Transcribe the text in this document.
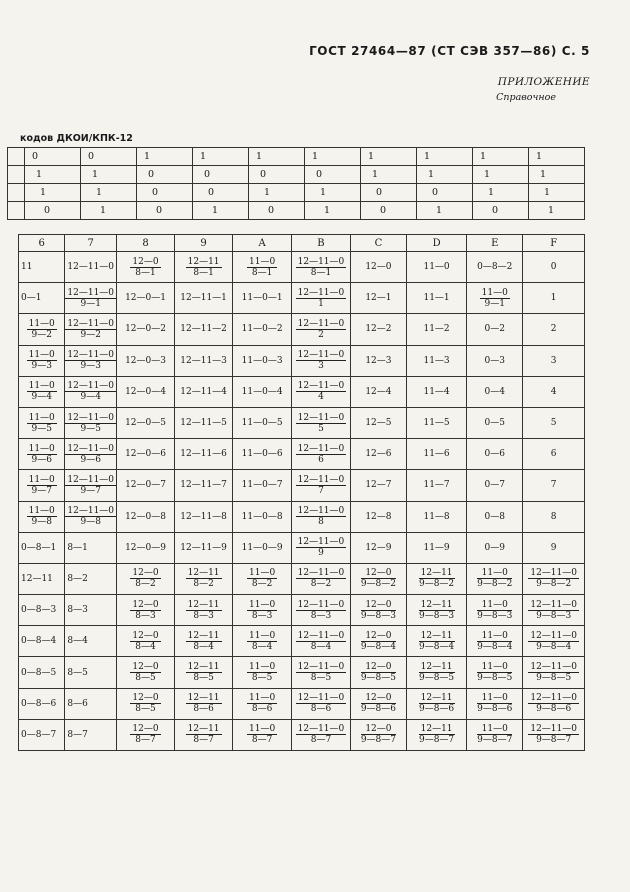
ГОСТ 27464—87 (СТ СЭВ 357—86) С. 5
ПРИЛОЖЕНИЕ
Справочное
кодов ДКОИ/КПК-12
	0	0	1	1	1	1	1	1	1	1
	1	1	0	0	0	0	1	1	1	1
	1	1	0	0	1	1	0	0	1	1
	0	1	0	1	0	1	0	1	0	1
6	7	8	9	A	B	C	D	E	F
11	12—11—0	$\frac{12—0}{8—1}$	$\frac{12—11}{8—1}$	$\frac{11—0}{8—1}$	$\frac{12—11—0}{8—1}$	12—0	11—0	0—8—2	0
0—1	$\frac{12—11—0}{9—1}$	12—0—1	12—11—1	11—0—1	$\frac{12—11—0}{1}$	12—1	11—1	$\frac{11—0}{9—1}$	1

$\frac{11—0}{9—2}$	$\frac{12—11—0}{9—2}$	12—0—2	12—11—2	11—0—2	$\frac{12—11—0}{2}$	12—2	11—2	0—2	2

$\frac{11—0}{9—3}$	$\frac{12—11—0}{9—3}$	12—0—3	12—11—3	11—0—3	$\frac{12—11—0}{3}$	12—3	11—3	0—3	3

$\frac{11—0}{9—4}$	$\frac{12—11—0}{9—4}$	12—0—4	12—11—4	11—0—4	$\frac{12—11—0}{4}$	12—4	11—4	0—4	4

$\frac{11—0}{9—5}$	$\frac{12—11—0}{9—5}$	12—0—5	12—11—5	11—0—5	$\frac{12—11—0}{5}$	12—5	11—5	0—5	5

$\frac{11—0}{9—6}$	$\frac{12—11—0}{9—6}$	12—0—6	12—11—6	11—0—6	$\frac{12—11—0}{6}$	12—6	11—6	0—6	6

$\frac{11—0}{9—7}$	$\frac{12—11—0}{9—7}$	12—0—7	12—11—7	11—0—7	$\frac{12—11—0}{7}$	12—7	11—7	0—7	7

$\frac{11—0}{9—8}$	$\frac{12—11—0}{9—8}$	12—0—8	12—11—8	11—0—8	$\frac{12—11—0}{8}$	12—8	11—8	0—8	8
0—8—1	8—1	12—0—9	12—11—9	11—0—9	$\frac{12—11—0}{9}$	12—9	11—9	0—9	9
12—11	8—2	$\frac{12—0}{8—2}$	$\frac{12—11}{8—2}$	$\frac{11—0}{8—2}$	$\frac{12—11—0}{8—2}$	$\frac{12—0}{9—8—2}$	$\frac{12—11}{9—8—2}$	$\frac{11—0}{9—8—2}$	$\frac{12—11—0}{9—8—2}$

0—8—3	8—3	$\frac{12—0}{8—3}$	$\frac{12—11}{8—3}$	$\frac{11—0}{8—3}$	$\frac{12—11—0}{8—3}$	$\frac{12—0}{9—8—3}$	$\frac{12—11}{9—8—3}$	$\frac{11—0}{9—8—3}$	$\frac{12—11—0}{9—8—3}$

0—8—4	8—4	$\frac{12—0}{8—4}$	$\frac{12—11}{8—4}$	$\frac{11—0}{8—4}$	$\frac{12—11—0}{8—4}$	$\frac{12—0}{9—8—4}$	$\frac{12—11}{9—8—4}$	$\frac{11—0}{9—8—4}$	$\frac{12—11—0}{9—8—4}$

0—8—5	8—5	$\frac{12—0}{8—5}$	$\frac{12—11}{8—5}$	$\frac{11—0}{8—5}$	$\frac{12—11—0}{8—5}$	$\frac{12—0}{9—8—5}$	$\frac{12—11}{9—8—5}$	$\frac{11—0}{9—8—5}$	$\frac{12—11—0}{9—8—5}$

0—8—6	8—6	$\frac{12—0}{8—5}$	$\frac{12—11}{8—6}$	$\frac{11—0}{8—6}$	$\frac{12—11—0}{8—6}$	$\frac{12—0}{9—8—6}$	$\frac{12—11}{9—8—6}$	$\frac{11—0}{9—8—6}$	$\frac{12—11—0}{9—8—6}$

0—8—7	8—7	$\frac{12—0}{8—7}$	$\frac{12—11}{8—7}$	$\frac{11—0}{8—7}$	$\frac{12—11—0}{8—7}$	$\frac{12—0}{9—8—7}$	$\frac{12—11}{9—8—7}$	$\frac{11—0}{9—8—7}$	$\frac{12—11—0}{9—8—7}$
